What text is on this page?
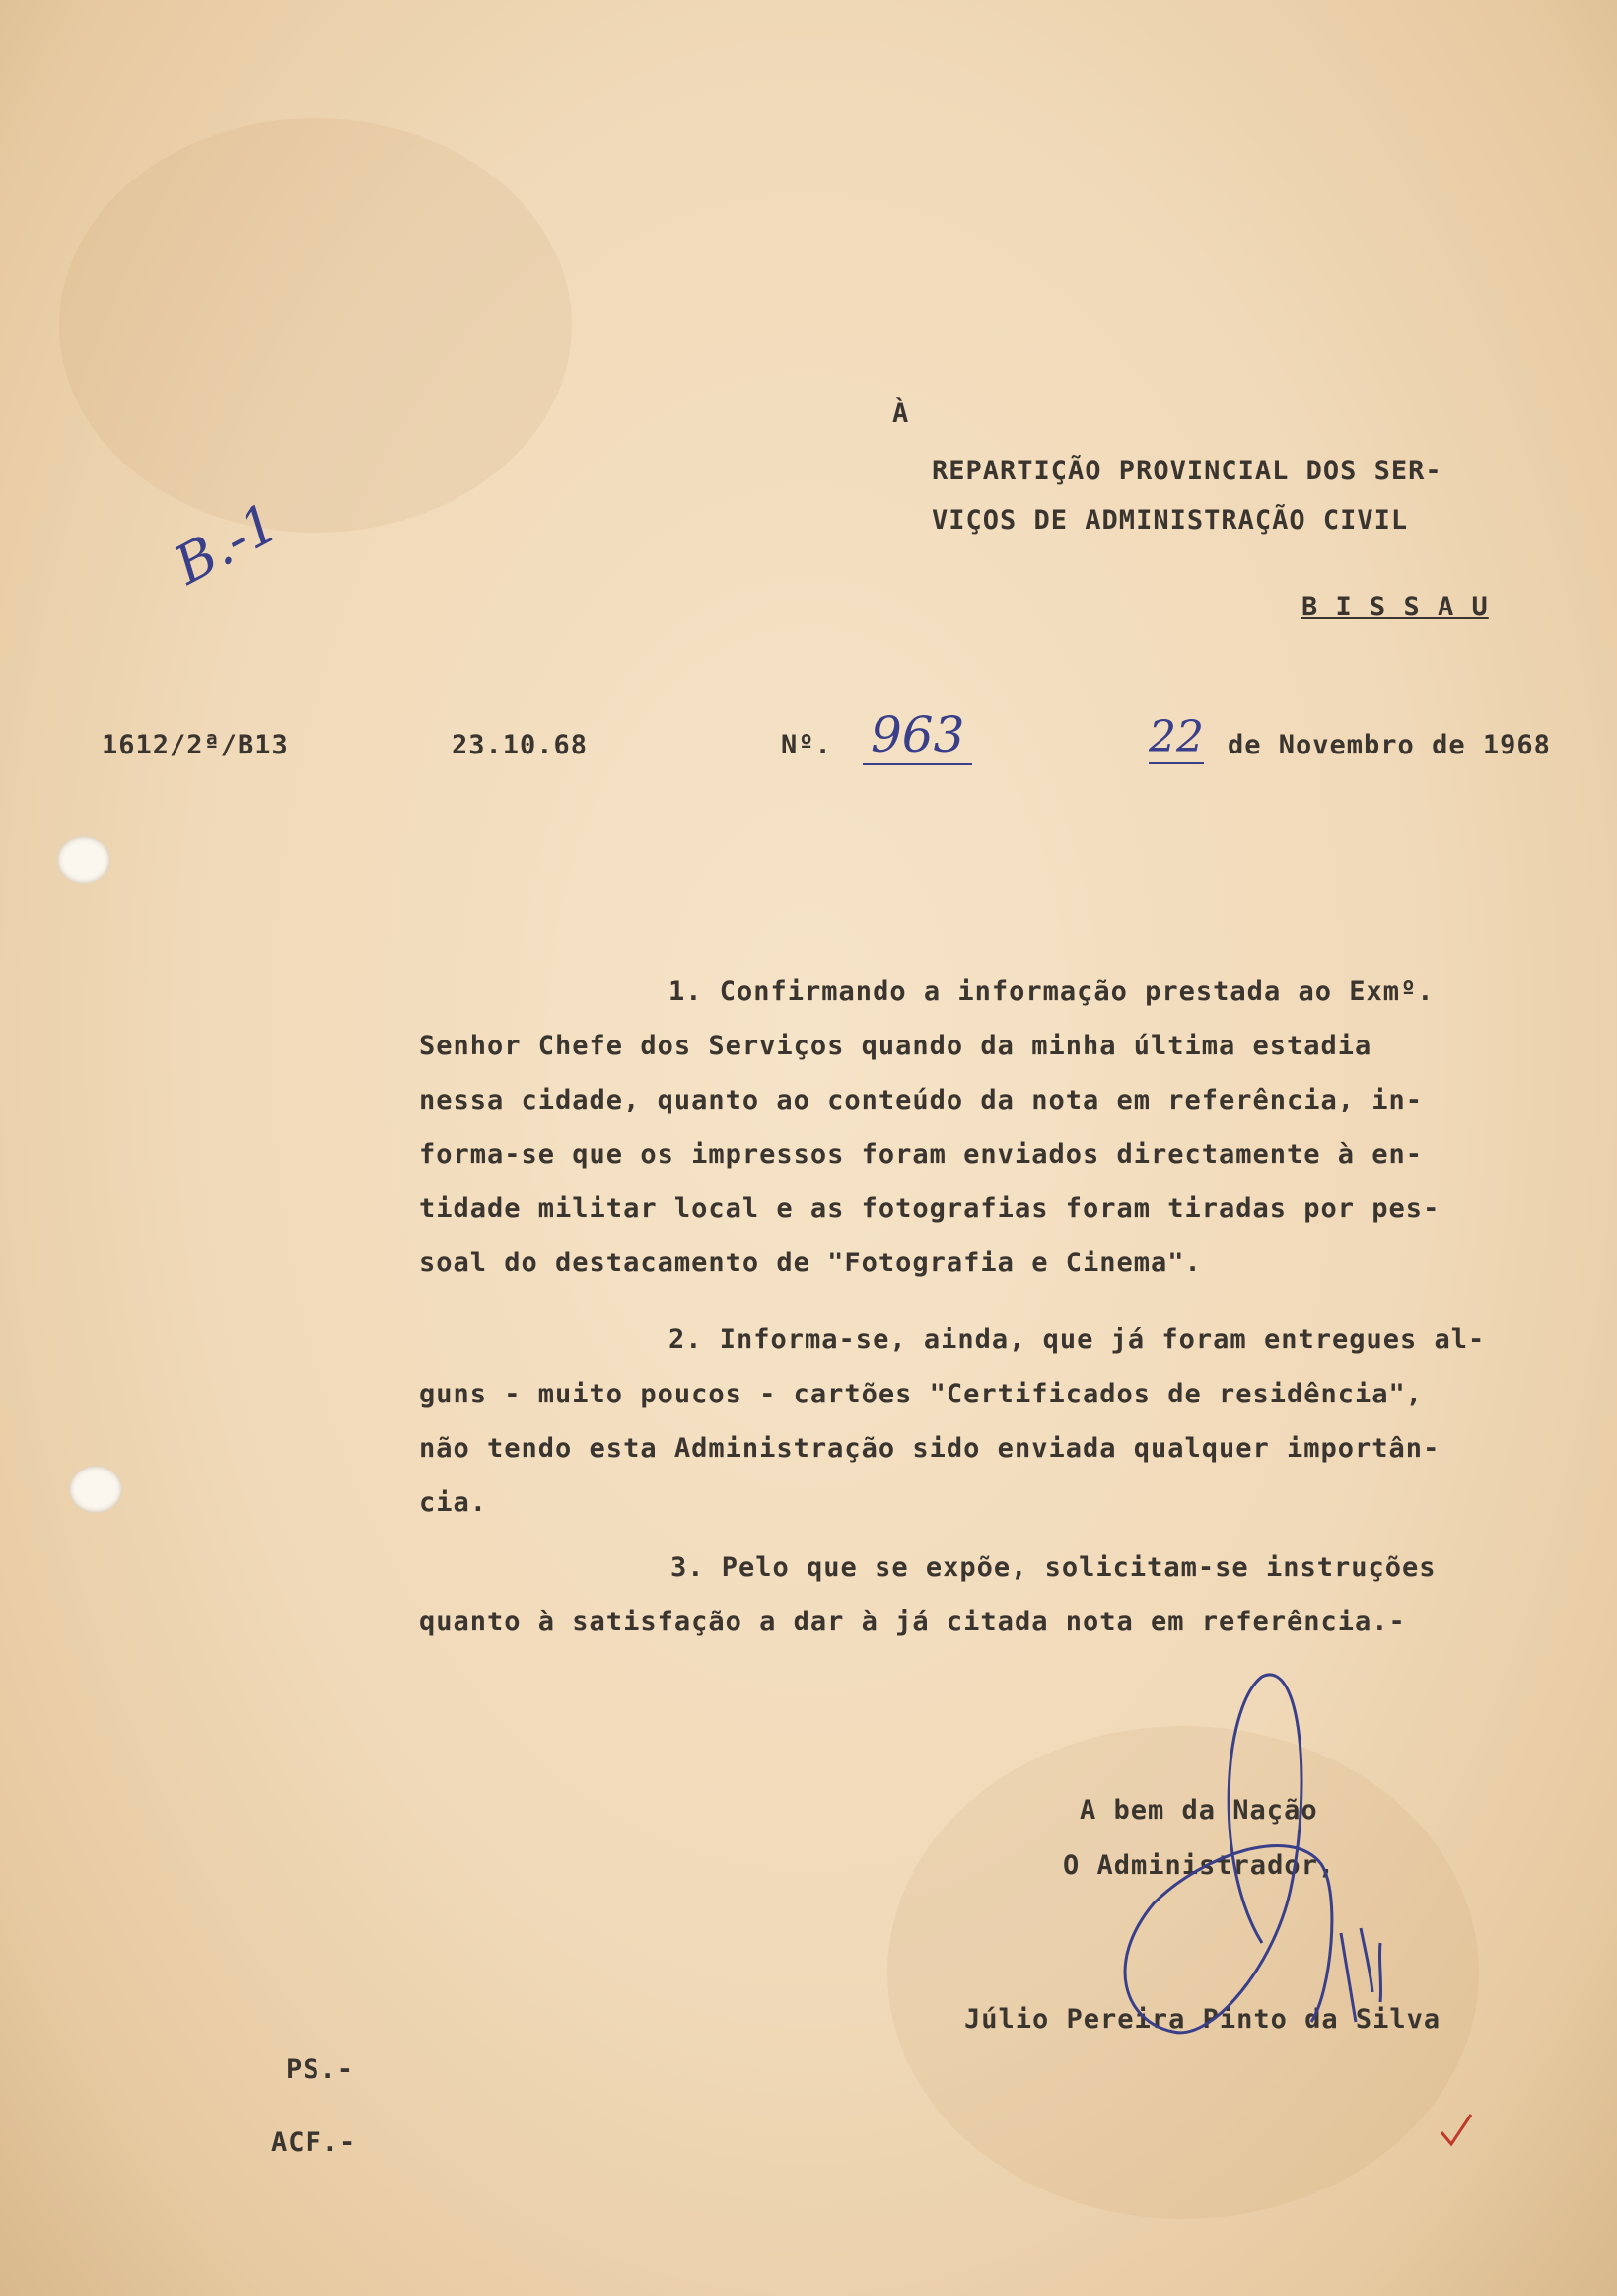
À
REPARTIÇÃO PROVINCIAL DOS SER-
VIÇOS DE ADMINISTRAÇÃO CIVIL
B I S S A U
B.-1
1612/2ª/B13	23.10.68	Nº. 963	22 de Novembro de 1968
1. Confirmando a informação prestada ao Exmº.
Senhor Chefe dos Serviços quando da minha última estadia
nessa cidade, quanto ao conteúdo da nota em referência, in-
forma-se que os impressos foram enviados directamente à en-
tidade militar local e as fotografias foram tiradas por pes-
soal do destacamento de "Fotografia e Cinema".
2. Informa-se, ainda, que já foram entregues al-
guns - muito poucos - cartões "Certificados de residência",
não tendo esta Administração sido enviada qualquer importân-
cia.
3. Pelo que se expõe, solicitam-se instruções
quanto à satisfação a dar à já citada nota em referência.-
A bem da Nação
O Administrador,
Júlio Pereira Pinto da Silva
PS.-
ACF.-
